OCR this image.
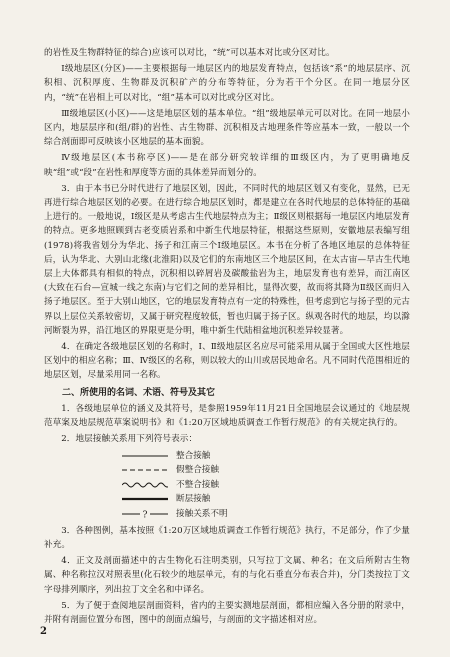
的岩性及生物群特征的综合)应该可以对比，“统”可以基本对比或分区对比。

Ⅰ级地层区(分区)——主要根据每一地层区内的地层发育特点，包括该“系”的地层层序、沉积相、沉积厚度、生物群及沉积矿产的分布等特征，分为若干个分区。在同一地层分区内，“统”在岩相上可以对比，“组”基本可以对比或分区对比。

Ⅲ级地层区(小区)——这是地层区划的基本单位。“组”级地层单元可以对比。在同一地层小区内，地层层序和(组/群)的岩性、古生物群、沉积相及古地理条件等应基本一致，一般以一个综合剖面即可反映该小区地层的基本面貌。

Ⅳ级地层区(本书称亭区)——是在部分研究较详细的Ⅲ级区内，为了更明确地反映“组”或“段”在岩性和厚度等方面的具体差异而划分的。

3．由于本书已分时代进行了地层区划，因此，不同时代的地层区划又有变化，显然，已无再进行综合地层区划的必要。在进行综合地层区划时，都是建立在各时代地层的总体特征的基础上进行的。一般地说，Ⅰ级区是从考虑古生代地层特点为主；Ⅱ级区则根据每一地层区内地层发育的特点。更多地照顾到古老变质岩系和中新生代地层特征，根据这些原则，安徽地层表编写组(1978)将我省划分为华北、扬子和江南三个Ⅰ级地层区。本书在分析了各地区地层的总体特征后，认为华北、大别山北缘(北淮阳)以及它们的东南地区三个地层区间，在太古宙—早古生代地层上大体都具有相似的特点，沉积相以碎屑岩及碳酸盐岩为主，地层发育也有差异，而江南区(大致在石台—宣城一线之东南)与它们之间的差异相比，显得次要，故而将其降为Ⅱ级区而归入扬子地层区。至于大别山地区，它的地层发育特点有一定的特殊性，但考虑到它与扬子型的元古界以上层位关系较密切，又属于研究程度较低，暂也归属于扬子区。纵观各时代的地层，均以滁河断裂为界，沿江地区的界限更是分明，唯中新生代陆相盆地沉积差异较显著。

4．在确定各级地层区划的名称时，Ⅰ、Ⅱ级地层区名应尽可能采用从属于全国或大区性地层区划中的相应名称；Ⅲ、Ⅳ级区的名称，则以较大的山川或居民地命名。凡不同时代范围相近的地层区划，尽量采用同一名称。

二、所使用的名词、术语、符号及其它

1．各级地层单位的涵义及其符号，是参照1959年11月21日全国地层会议通过的《地层规范草案及地层规范草案说明书》和《1:20万区域地质调查工作暂行规范》的有关规定执行的。

2．地层接触关系用下列符号表示：

整合接触
假整合接触
不整合接触
断层接触
?	接触关系不明

3．各种图例，基本按照《1:20万区域地质调查工作暂行规范》执行，不足部分，作了少量补充。

4．正文及剖面描述中的古生物化石注明类别，只写拉丁文属、种名；在文后所附古生物属、种名称拉汉对照表里(化石较少的地层单元，有的与化石垂直分布表合并)，分门类按拉丁文字母排列顺序，列出拉丁文全名和中译名。

5．为了便于查阅地层剖面资料，省内的主要实测地层剖面，都相应编入各分册的附录中，并附有剖面位置分布图，图中的剖面点编号，与剖面的文字描述相对应。

2
